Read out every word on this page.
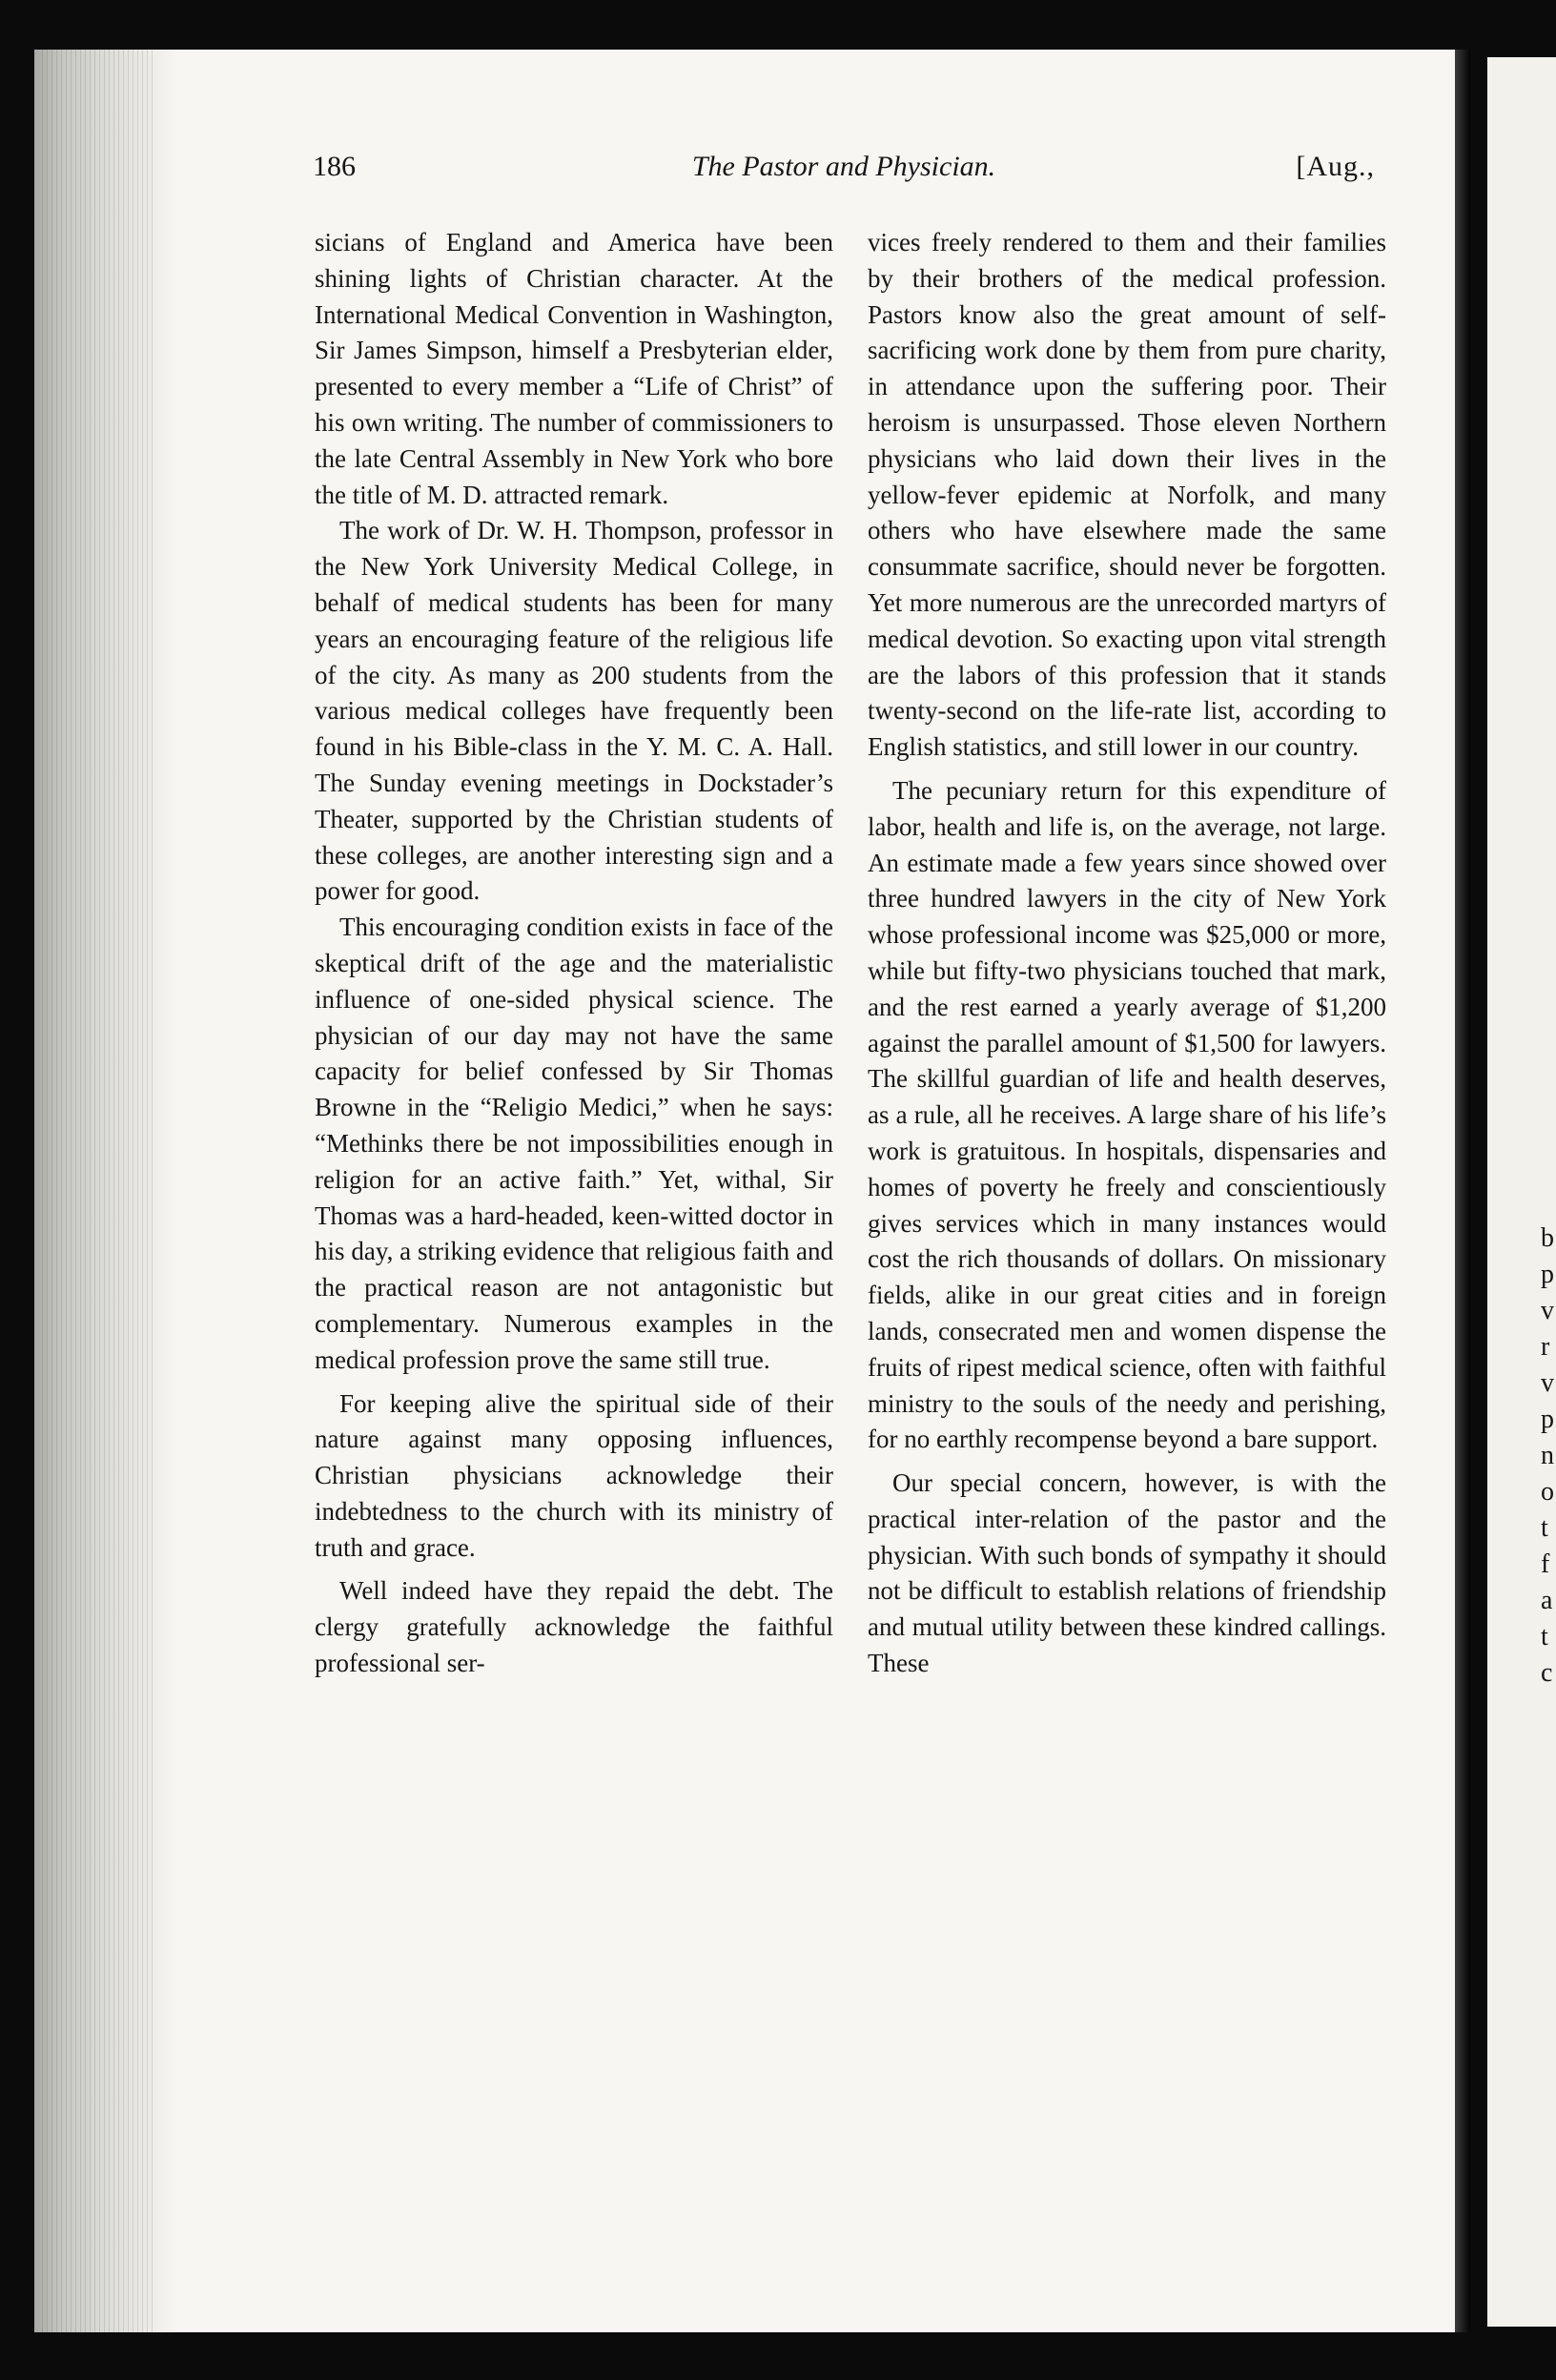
186	The Pastor and Physician.	[Aug.,

sicians of England and America have been shining lights of Christian character. At the International Medical Convention in Washington, Sir James Simpson, himself a Presbyterian elder, presented to every member a “Life of Christ” of his own writing. The number of commissioners to the late Central Assembly in New York who bore the title of M. D. attracted remark.

The work of Dr. W. H. Thompson, professor in the New York University Medical College, in behalf of medical students has been for many years an encouraging feature of the religious life of the city. As many as 200 students from the various medical colleges have frequently been found in his Bible-class in the Y. M. C. A. Hall. The Sunday evening meetings in Dockstader’s Theater, supported by the Christian students of these colleges, are another interesting sign and a power for good.

This encouraging condition exists in face of the skeptical drift of the age and the materialistic influence of one-sided physical science. The physician of our day may not have the same capacity for belief confessed by Sir Thomas Browne in the “Religio Medici,” when he says: “Methinks there be not impossibilities enough in religion for an active faith.” Yet, withal, Sir Thomas was a hard-headed, keen-witted doctor in his day, a striking evidence that religious faith and the practical reason are not antagonistic but complementary. Numerous examples in the medical profession prove the same still true.

For keeping alive the spiritual side of their nature against many opposing influences, Christian physicians acknowledge their indebtedness to the church with its ministry of truth and grace.

Well indeed have they repaid the debt. The clergy gratefully acknowledge the faithful professional ser-

vices freely rendered to them and their families by their brothers of the medical profession. Pastors know also the great amount of self-sacrificing work done by them from pure charity, in attendance upon the suffering poor. Their heroism is unsurpassed. Those eleven Northern physicians who laid down their lives in the yellow-fever epidemic at Norfolk, and many others who have elsewhere made the same consummate sacrifice, should never be forgotten. Yet more numerous are the unrecorded martyrs of medical devotion. So exacting upon vital strength are the labors of this profession that it stands twenty-second on the life-rate list, according to English statistics, and still lower in our country.

The pecuniary return for this expenditure of labor, health and life is, on the average, not large. An estimate made a few years since showed over three hundred lawyers in the city of New York whose professional income was $25,000 or more, while but fifty-two physicians touched that mark, and the rest earned a yearly average of $1,200 against the parallel amount of $1,500 for lawyers. The skillful guardian of life and health deserves, as a rule, all he receives. A large share of his life’s work is gratuitous. In hospitals, dispensaries and homes of poverty he freely and conscientiously gives services which in many instances would cost the rich thousands of dollars. On missionary fields, alike in our great cities and in foreign lands, consecrated men and women dispense the fruits of ripest medical science, often with faithful ministry to the souls of the needy and perishing, for no earthly recompense beyond a bare support.

Our special concern, however, is with the practical inter-relation of the pastor and the physician. With such bonds of sympathy it should not be difficult to establish relations of friendship and mutual utility between these kindred callings. These

b
p
v
r
v
p
n
o
t
f
a
t
c
